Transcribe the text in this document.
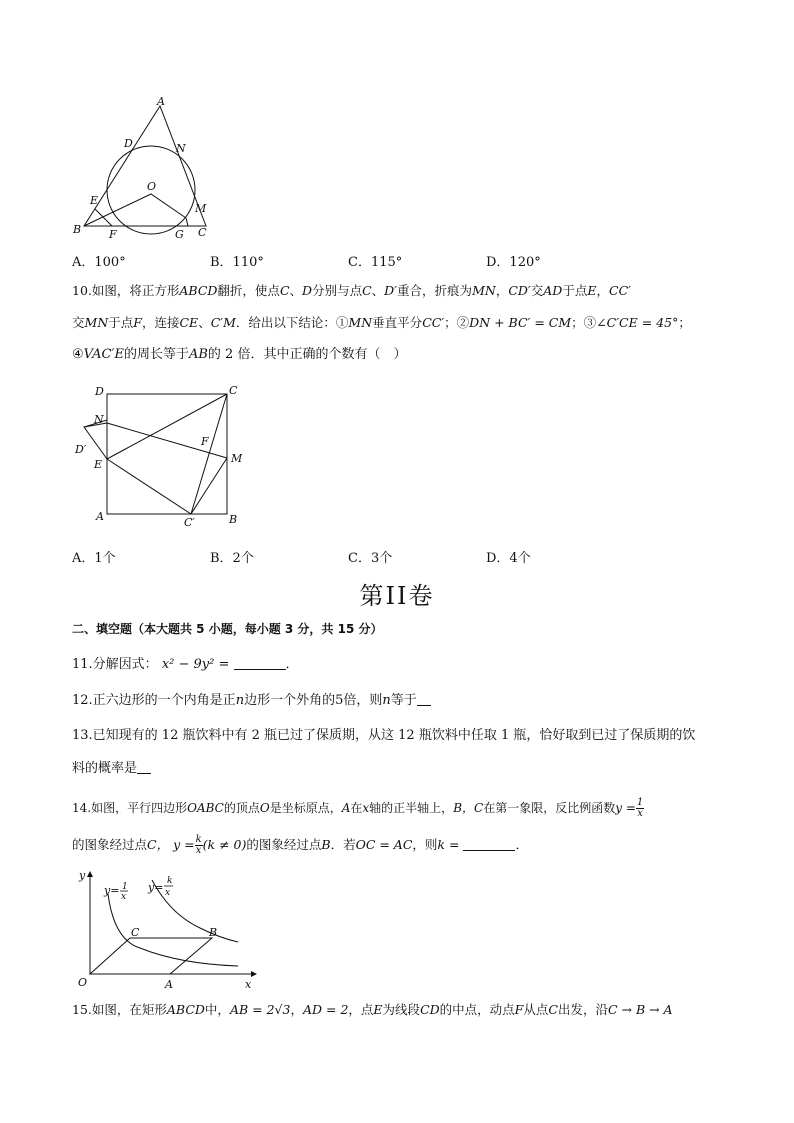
A
D	N
O
E
M
B	F	G C
A．100°	B．110°	C．115°	D．120°
10.如图，将正方形ABCD翻折，使点C、D分别与点C、D′重合，折痕为MN，CD′交AD于点E，CC′
交MN于点F，连接CE、C′M．给出以下结论：①MN垂直平分CC′；②DN + BC′ = CM；③∠C′CE = 45°；
④VAC′E的周长等于AB的 2 倍．其中正确的个数有（　）
D	C
N
F
D′
M
E
A	C′	B
A．1个	B．2个	C．3个	D．4个
第II卷
二、填空题（本大题共 5 小题，每小题 3 分，共 15 分）
11.分解因式： x² − 9y² =	．
12.正六边形的一个内角是正n边形一个外角的5倍，则n等于
13.已知现有的 12 瓶饮料中有 2 瓶已过了保质期，从这 12 瓶饮料中任取 1 瓶，恰好取到已过了保质期的饮
料的概率是
14.如图，平行四边形OABC的顶点O是坐标原点，A在x轴的正半轴上，B，C在第一象限，反比例函数$y = \frac{1}{x}$
的图象经过点C， $y = \frac{k}{x} (k \ne 0)$的图象经过点B．若OC = AC，则k =	．
y
O	x
A
C	B
y= 1
x
y= k
x
15.如图，在矩形ABCD中，AB = 2√3，AD = 2，点E为线段CD的中点，动点F从点C出发，沿C → B → A
